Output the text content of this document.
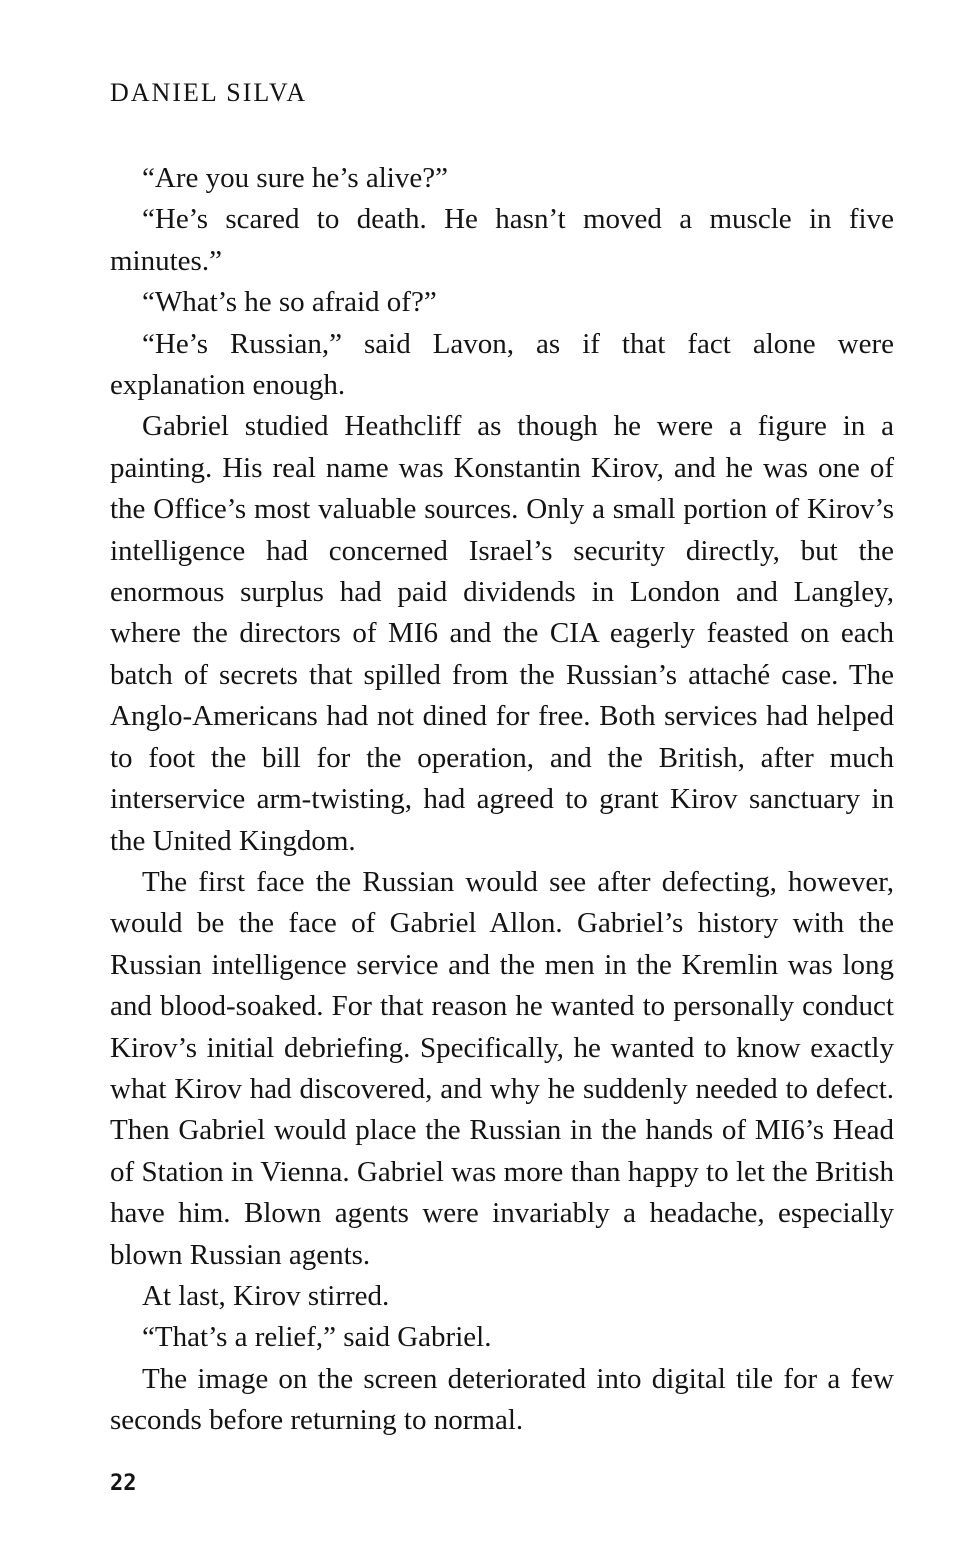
DANIEL SILVA

“Are you sure he’s alive?”

“He’s scared to death. He hasn’t moved a muscle in five minutes.”

“What’s he so afraid of?”

“He’s Russian,” said Lavon, as if that fact alone were explanation enough.

Gabriel studied Heathcliff as though he were a figure in a painting. His real name was Konstantin Kirov, and he was one of the Office’s most valuable sources. Only a small portion of Kirov’s intelligence had concerned Israel’s security directly, but the enormous surplus had paid dividends in London and Langley, where the directors of MI6 and the CIA eagerly feasted on each batch of secrets that spilled from the Russian’s attaché case. The Anglo-Americans had not dined for free. Both services had helped to foot the bill for the operation, and the British, after much interservice arm-twisting, had agreed to grant Kirov sanctuary in the United Kingdom.

The first face the Russian would see after defecting, however, would be the face of Gabriel Allon. Gabriel’s history with the Russian intelligence service and the men in the Kremlin was long and blood-soaked. For that reason he wanted to personally conduct Kirov’s initial debriefing. Specifically, he wanted to know exactly what Kirov had discovered, and why he suddenly needed to defect. Then Gabriel would place the Russian in the hands of MI6’s Head of Station in Vienna. Gabriel was more than happy to let the British have him. Blown agents were invariably a headache, especially blown Russian agents.

At last, Kirov stirred.

“That’s a relief,” said Gabriel.

The image on the screen deteriorated into digital tile for a few seconds before returning to normal.

22
